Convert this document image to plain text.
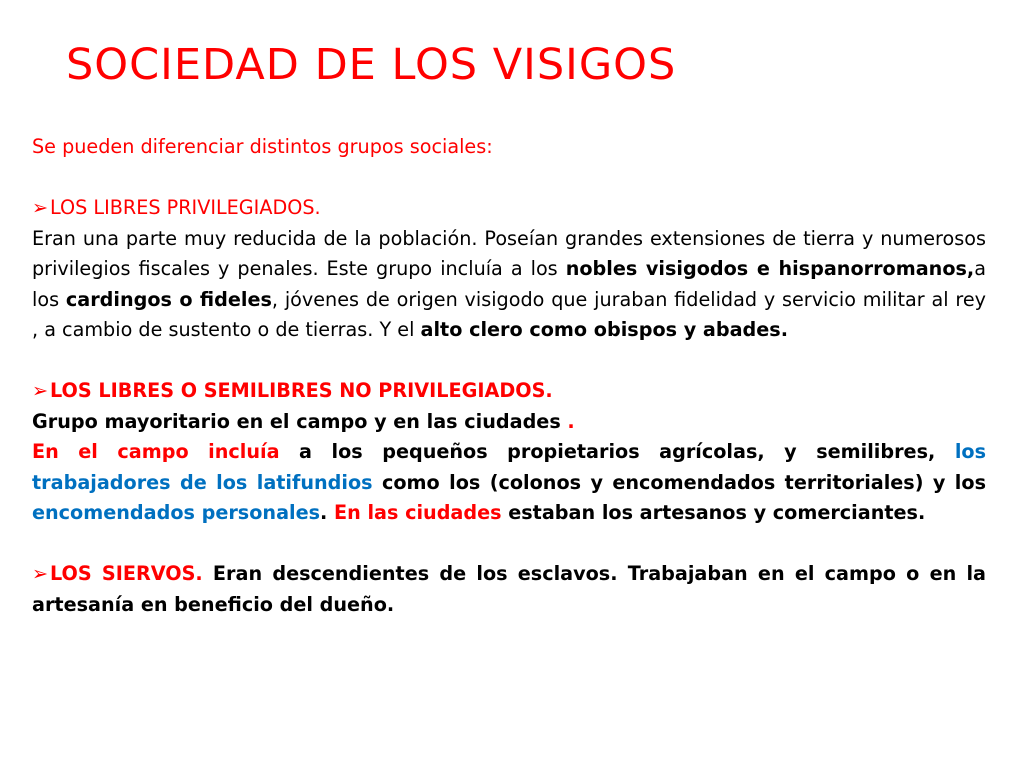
SOCIEDAD DE LOS VISIGOS

Se pueden diferenciar distintos grupos sociales:

➢ LOS LIBRES PRIVILEGIADOS.

Eran una parte muy reducida de la población. Poseían grandes extensiones de tierra y numerosos privilegios fiscales y penales. Este grupo incluía a los nobles visigodos e hispanorromanos,a los cardingos o fideles, jóvenes de origen visigodo que juraban fidelidad y servicio militar al rey , a cambio de sustento o de tierras. Y el alto clero como obispos y abades.

➢ LOS LIBRES O SEMILIBRES NO PRIVILEGIADOS.

Grupo mayoritario en el campo y en las ciudades .

En el campo incluía a los pequeños propietarios agrícolas, y semilibres, los trabajadores de los latifundios como los (colonos y encomendados territoriales) y los encomendados personales. En las ciudades estaban los artesanos y comerciantes.

➢ LOS SIERVOS. Eran descendientes de los esclavos. Trabajaban en el campo o en la artesanía en beneficio del dueño.
